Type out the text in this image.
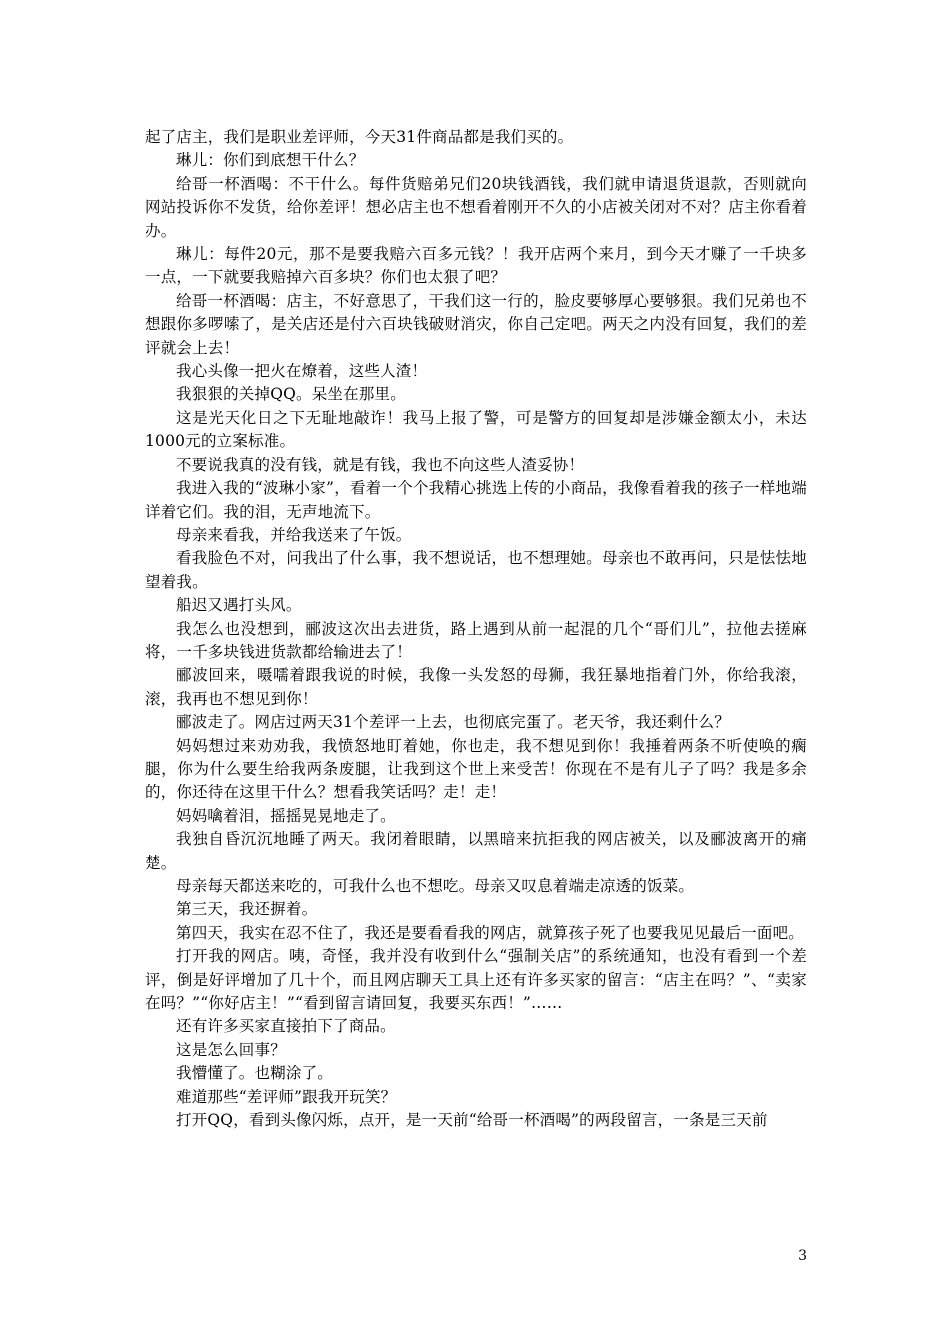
起了店主，我们是职业差评师，今天31件商品都是我们买的。

琳儿：你们到底想干什么？

给哥一杯酒喝：不干什么。每件货赔弟兄们20块钱酒钱，我们就申请退货退款，否则就向网站投诉你不发货，给你差评！想必店主也不想看着刚开不久的小店被关闭对不对？店主你看着办。

琳儿：每件20元，那不是要我赔六百多元钱？！我开店两个来月，到今天才赚了一千块多一点，一下就要我赔掉六百多块？你们也太狠了吧？

给哥一杯酒喝：店主，不好意思了，干我们这一行的，脸皮要够厚心要够狠。我们兄弟也不想跟你多啰嗦了，是关店还是付六百块钱破财消灾，你自己定吧。两天之内没有回复，我们的差评就会上去！

我心头像一把火在燎着，这些人渣！

我狠狠的关掉QQ。呆坐在那里。

这是光天化日之下无耻地敲诈！我马上报了警，可是警方的回复却是涉嫌金额太小，未达1000元的立案标准。

不要说我真的没有钱，就是有钱，我也不向这些人渣妥协！

我进入我的“波琳小家”，看着一个个我精心挑选上传的小商品，我像看着我的孩子一样地端详着它们。我的泪，无声地流下。

母亲来看我，并给我送来了午饭。

看我脸色不对，问我出了什么事，我不想说话，也不想理她。母亲也不敢再问，只是怯怯地望着我。

船迟又遇打头风。

我怎么也没想到，郦波这次出去进货，路上遇到从前一起混的几个“哥们儿”，拉他去搓麻将，一千多块钱进货款都给输进去了！

郦波回来，嗫嚅着跟我说的时候，我像一头发怒的母狮，我狂暴地指着门外，你给我滚，滚，我再也不想见到你！

郦波走了。网店过两天31个差评一上去，也彻底完蛋了。老天爷，我还剩什么？

妈妈想过来劝劝我，我愤怒地盯着她，你也走，我不想见到你！我捶着两条不听使唤的瘸腿，你为什么要生给我两条废腿，让我到这个世上来受苦！你现在不是有儿子了吗？我是多余的，你还待在这里干什么？想看我笑话吗？走！走！

妈妈噙着泪，摇摇晃晃地走了。

我独自昏沉沉地睡了两天。我闭着眼睛，以黑暗来抗拒我的网店被关，以及郦波离开的痛楚。

母亲每天都送来吃的，可我什么也不想吃。母亲又叹息着端走凉透的饭菜。

第三天，我还摒着。

第四天，我实在忍不住了，我还是要看看我的网店，就算孩子死了也要我见见最后一面吧。

打开我的网店。咦，奇怪，我并没有收到什么“强制关店”的系统通知，也没有看到一个差评，倒是好评增加了几十个，而且网店聊天工具上还有许多买家的留言：“店主在吗？”、“卖家在吗？”“你好店主！”“看到留言请回复，我要买东西！”……

还有许多买家直接拍下了商品。

这是怎么回事？

我懵懂了。也糊涂了。

难道那些“差评师”跟我开玩笑？

打开QQ，看到头像闪烁，点开，是一天前“给哥一杯酒喝”的两段留言，一条是三天前

3
